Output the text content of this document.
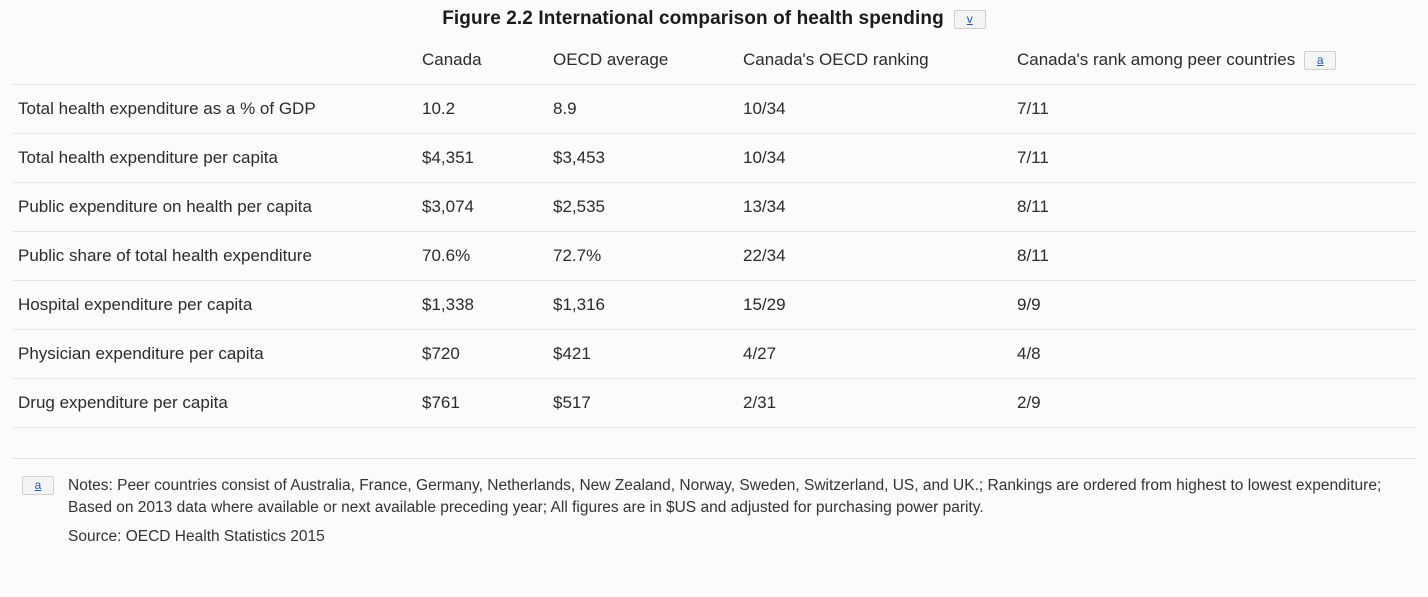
Figure 2.2 International comparison of health spending	v
	Canada	OECD average	Canada's OECD ranking	Canada's rank among peer countries a

Total health expenditure as a % of GDP	10.2	8.9	10/34	7/11
Total health expenditure per capita	$4,351	$3,453	10/34	7/11
Public expenditure on health per capita	$3,074	$2,535	13/34	8/11
Public share of total health expenditure	70.6%	72.7%	22/34	8/11
Hospital expenditure per capita	$1,338	$1,316	15/29	9/9
Physician expenditure per capita	$720	$421	4/27	4/8
Drug expenditure per capita	$761	$517	2/31	2/9
a	Notes: Peer countries consist of Australia, France, Germany, Netherlands, New Zealand, Norway, Sweden, Switzerland, US, and UK.; Rankings are ordered from highest to lowest expenditure; Based on 2013 data where available or next available preceding year; All figures are in $US and adjusted for purchasing power parity.
Source: OECD Health Statistics 2015
